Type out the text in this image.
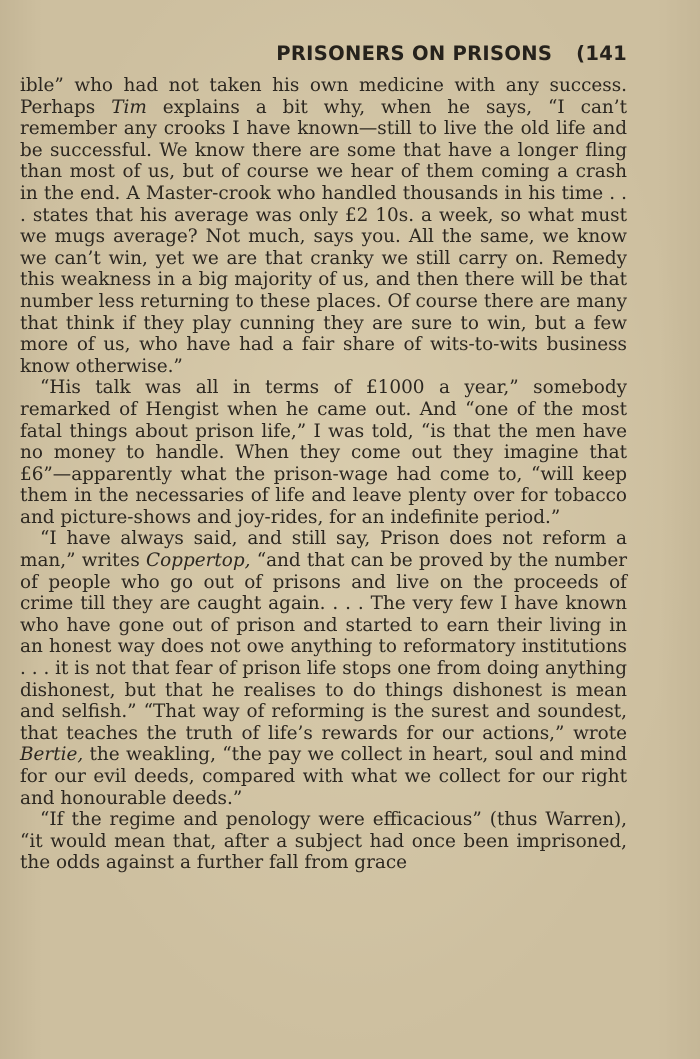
PRISONERS ON PRISONS (141

ible” who had not taken his own medicine with any success. Perhaps Tim explains a bit why, when he says, “I can’t remember any crooks I have known—still to live the old life and be successful. We know there are some that have a longer fling than most of us, but of course we hear of them coming a crash in the end. A Master-crook who handled thousands in his time . . . states that his average was only £2 10s. a week, so what must we mugs average? Not much, says you. All the same, we know we can’t win, yet we are that cranky we still carry on. Remedy this weakness in a big majority of us, and then there will be that number less returning to these places. Of course there are many that think if they play cunning they are sure to win, but a few more of us, who have had a fair share of wits-to-wits business know otherwise.”

“His talk was all in terms of £1000 a year,” somebody remarked of Hengist when he came out. And “one of the most fatal things about prison life,” I was told, “is that the men have no money to handle. When they come out they imagine that £6”—apparently what the prison-wage had come to, “will keep them in the necessaries of life and leave plenty over for tobacco and picture-shows and joy-rides, for an indefinite period.”

“I have always said, and still say, Prison does not reform a man,” writes Coppertop, “and that can be proved by the number of people who go out of prisons and live on the proceeds of crime till they are caught again. . . . The very few I have known who have gone out of prison and started to earn their living in an honest way does not owe anything to reformatory institutions . . . it is not that fear of prison life stops one from doing anything dishonest, but that he realises to do things dishonest is mean and selfish.” “That way of reforming is the surest and soundest, that teaches the truth of life’s rewards for our actions,” wrote Bertie, the weakling, “the pay we collect in heart, soul and mind for our evil deeds, compared with what we collect for our right and honourable deeds.”

“If the regime and penology were efficacious” (thus Warren), “it would mean that, after a subject had once been imprisoned, the odds against a further fall from grace
